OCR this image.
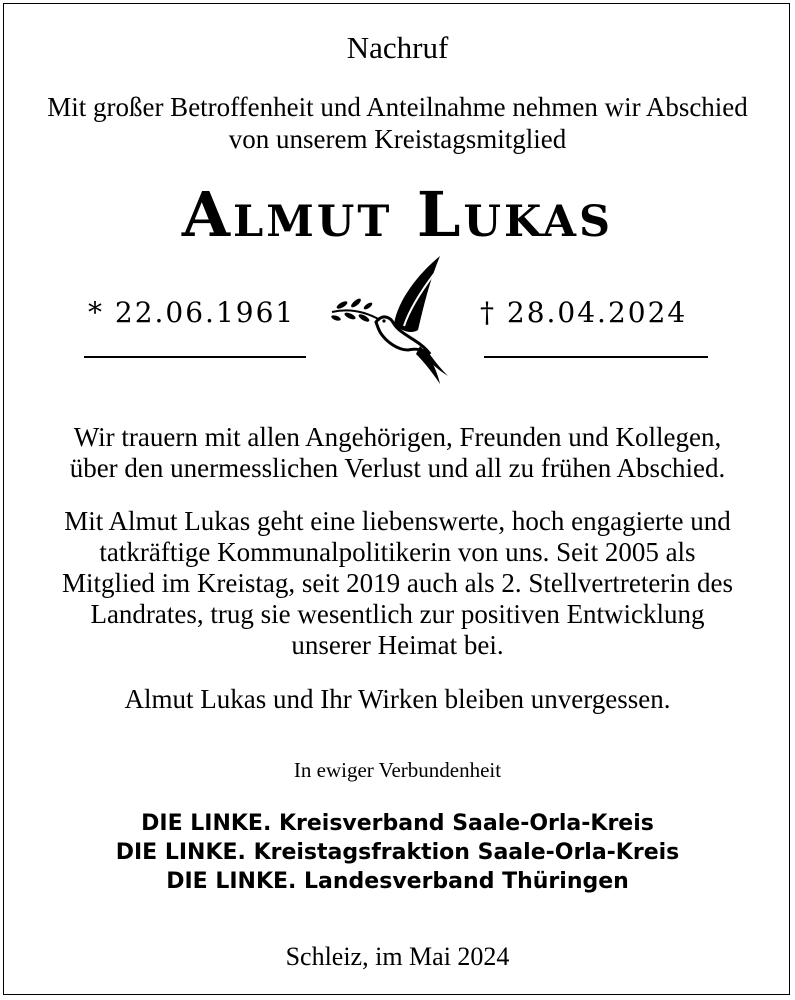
Nachruf
Mit großer Betroffenheit und Anteilnahme nehmen wir Abschied
von unserem Kreistagsmitglied
Almut Lukas
* 22.06.1961	† 28.04.2024
Wir trauern mit allen Angehörigen, Freunden und Kollegen,
über den unermesslichen Verlust und all zu frühen Abschied.
Mit Almut Lukas geht eine liebenswerte, hoch engagierte und
tatkräftige Kommunalpolitikerin von uns. Seit 2005 als
Mitglied im Kreistag, seit 2019 auch als 2. Stellvertreterin des
Landrates, trug sie wesentlich zur positiven Entwicklung
unserer Heimat bei.
Almut Lukas und Ihr Wirken bleiben unvergessen.
In ewiger Verbundenheit
DIE LINKE. Kreisverband Saale-Orla-Kreis
DIE LINKE. Kreistagsfraktion Saale-Orla-Kreis
DIE LINKE. Landesverband Thüringen
Schleiz, im Mai 2024
